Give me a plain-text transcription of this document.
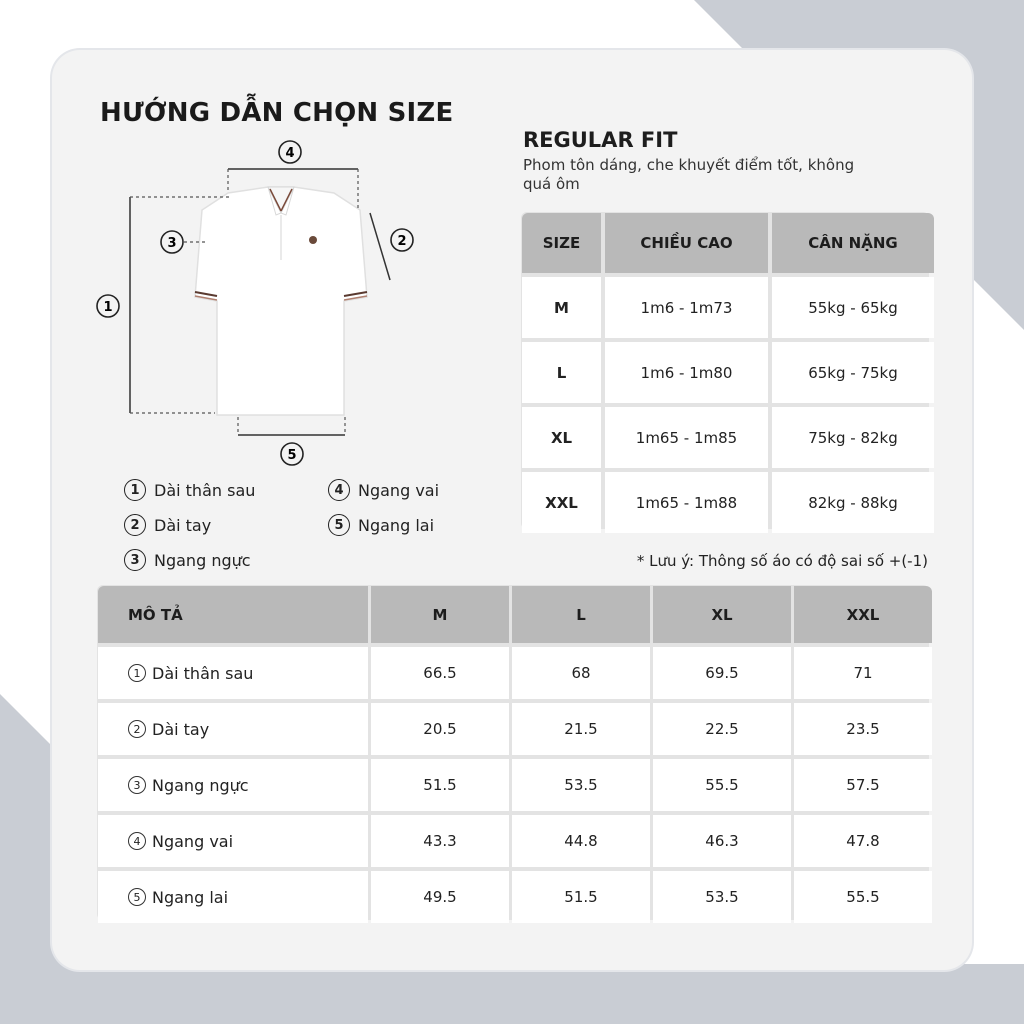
HƯỚNG DẪN CHỌN SIZE
REGULAR FIT

Phom tôn dáng, che khuyết điểm tốt, không quá ôm

1
2
3
4
5
1 Dài thân sau
2 Dài tay
3 Ngang ngực
4 Ngang vai
5 Ngang lai
SIZE	CHIỀU CAO	CÂN NẶNG
M	1m6 - 1m73	55kg - 65kg
L	1m6 - 1m80	65kg - 75kg
XL	1m65 - 1m85	75kg - 82kg
XXL	1m65 - 1m88	82kg - 88kg
* Lưu ý: Thông số áo có độ sai số +(-1)
MÔ TẢ	M	L	XL	XXL
1 Dài thân sau	66.5	68	69.5	71
2 Dài tay	20.5	21.5	22.5	23.5
3 Ngang ngực	51.5	53.5	55.5	57.5
4 Ngang vai	43.3	44.8	46.3	47.8
5 Ngang lai	49.5	51.5	53.5	55.5
